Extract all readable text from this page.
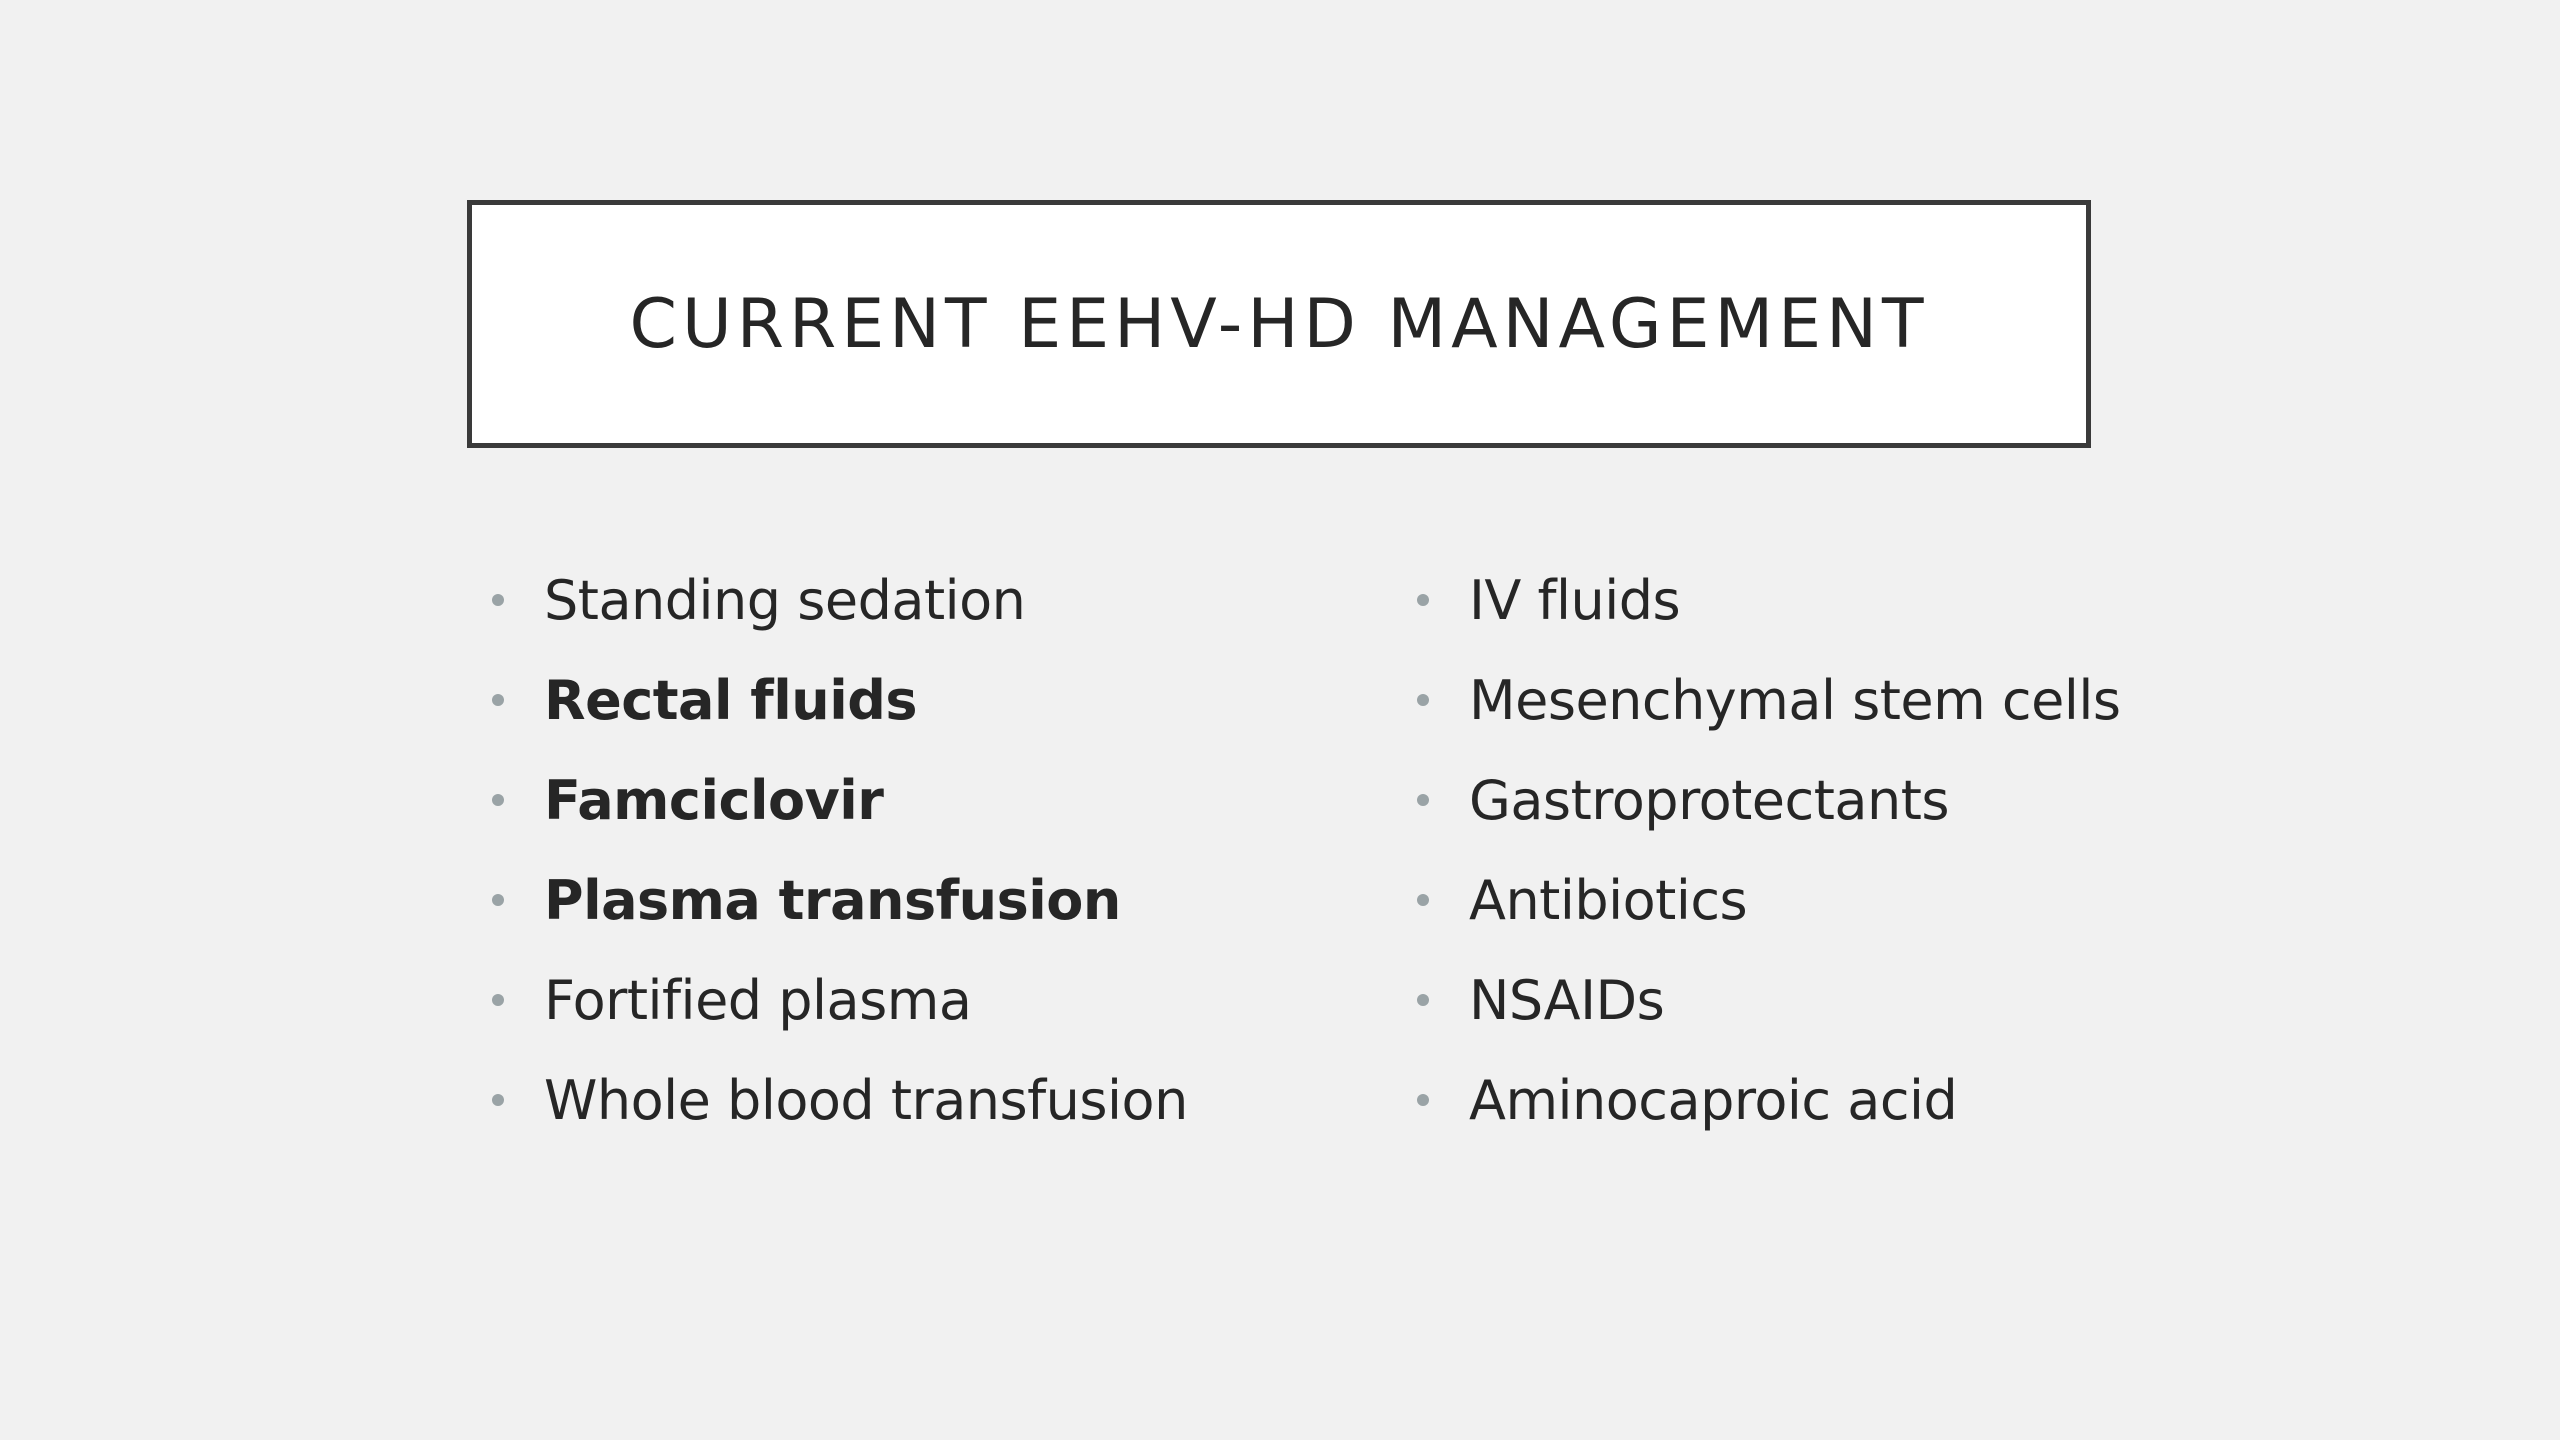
CURRENT EEHV-HD MANAGEMENT
Standing sedation
Rectal fluids
Famciclovir
Plasma transfusion
Fortified plasma
Whole blood transfusion
IV fluids
Mesenchymal stem cells
Gastroprotectants
Antibiotics
NSAIDs
Aminocaproic acid
